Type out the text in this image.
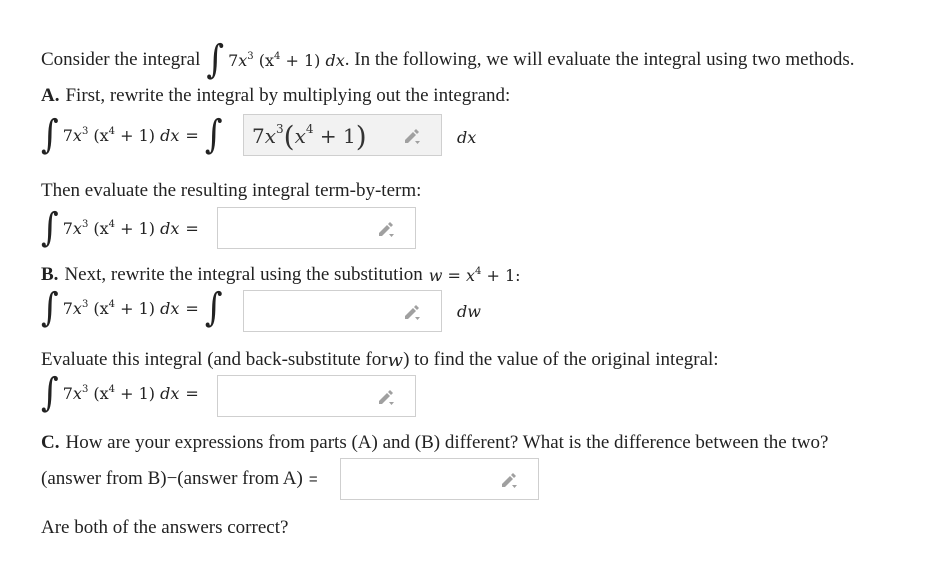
Consider the integral ∫ $7x^3$ $(x^4 + 1)$ dx . In the following, we will evaluate the integral using two methods.
A. First, rewrite the integral by multiplying out the integrand:
∫ $7x^3$ $(x^4 + 1)$ dx = ∫ $7x^3(x^4 + 1)$	dx
Then evaluate the resulting integral term-by-term:
∫ $7x^3$ $(x^4 + 1)$ dx =
B. Next, rewrite the integral using the substitution $w = x^4 + 1$:
∫ $7x^3$ $(x^4 + 1)$ dx = ∫	dw
Evaluate this integral (and back-substitute for w ) to find the value of the original integral:
∫ $7x^3$ $(x^4 + 1)$ dx =
C. How are your expressions from parts (A) and (B) different? What is the difference between the two?
(answer from B)−(answer from A) =
Are both of the answers correct?
